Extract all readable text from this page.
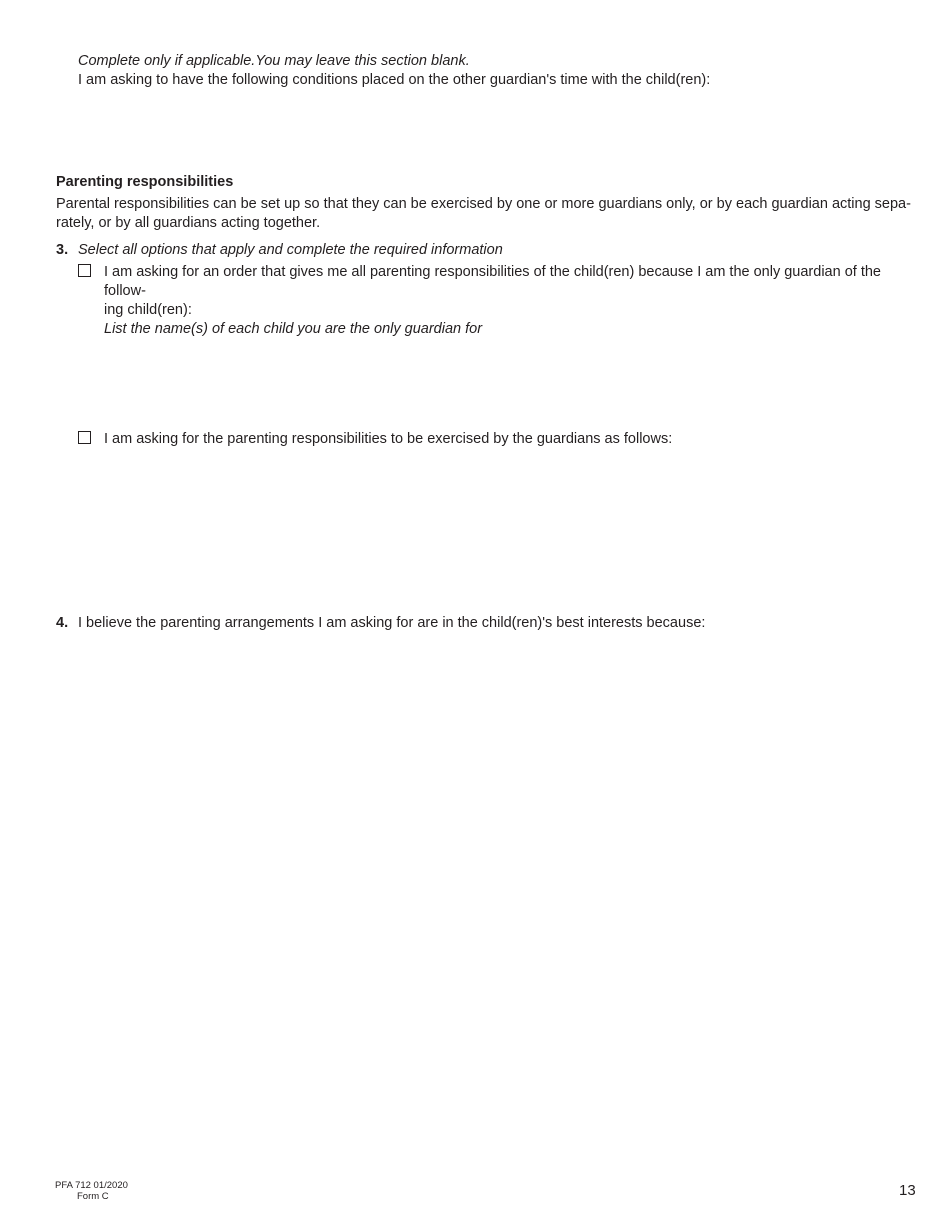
Complete only if applicable.You may leave this section blank.
I am asking to have the following conditions placed on the other guardian's time with the child(ren):
Parenting responsibilities
Parental responsibilities can be set up so that they can be exercised by one or more guardians only, or by each guardian acting sepa-
rately, or by all guardians acting together.
3. Select all options that apply and complete the required information
I am asking for an order that gives me all parenting responsibilities of the child(ren) because I am the only guardian of the follow-
ing child(ren):
List the name(s) of each child you are the only guardian for
I am asking for the parenting responsibilities to be exercised by the guardians as follows:
4. I believe the parenting arrangements I am asking for are in the child(ren)'s best interests because:
PFA 712 01/2020
Form C	13
